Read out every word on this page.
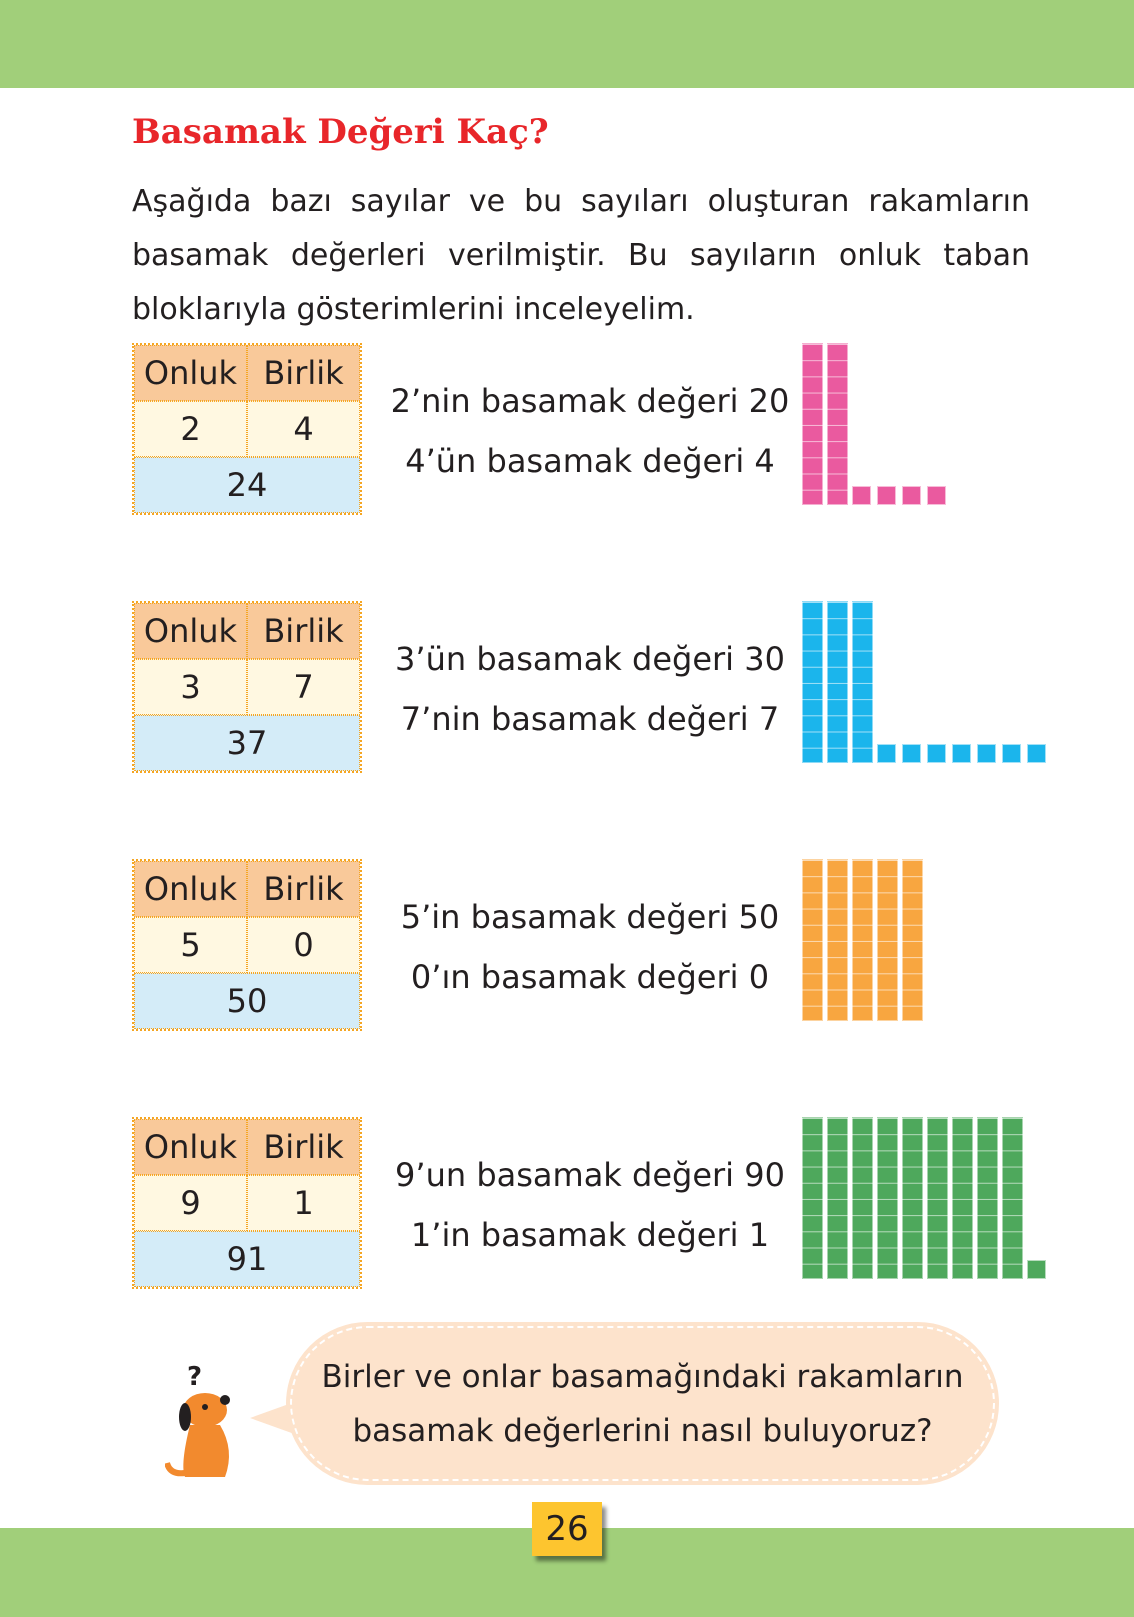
Basamak Değeri Kaç?

Aşağıda bazı sayılar ve bu sayıları oluşturan rakamların basamak değerleri verilmiştir. Bu sayıların onluk taban bloklarıyla gösterimlerini inceleyelim.

Onluk Birlik
2	4
24
2’nin basamak değeri 20
4’ün basamak değeri 4
Onluk Birlik
3	7
37
3’ün basamak değeri 30
7’nin basamak değeri 7
Onluk Birlik
5	0
50
5’in basamak değeri 50
0’ın basamak değeri 0
Onluk Birlik
9	1
91
9’un basamak değeri 90
1’in basamak değeri 1
Birler ve onlar basamağındaki rakamların
basamak değerlerini nasıl buluyoruz?
?
26
